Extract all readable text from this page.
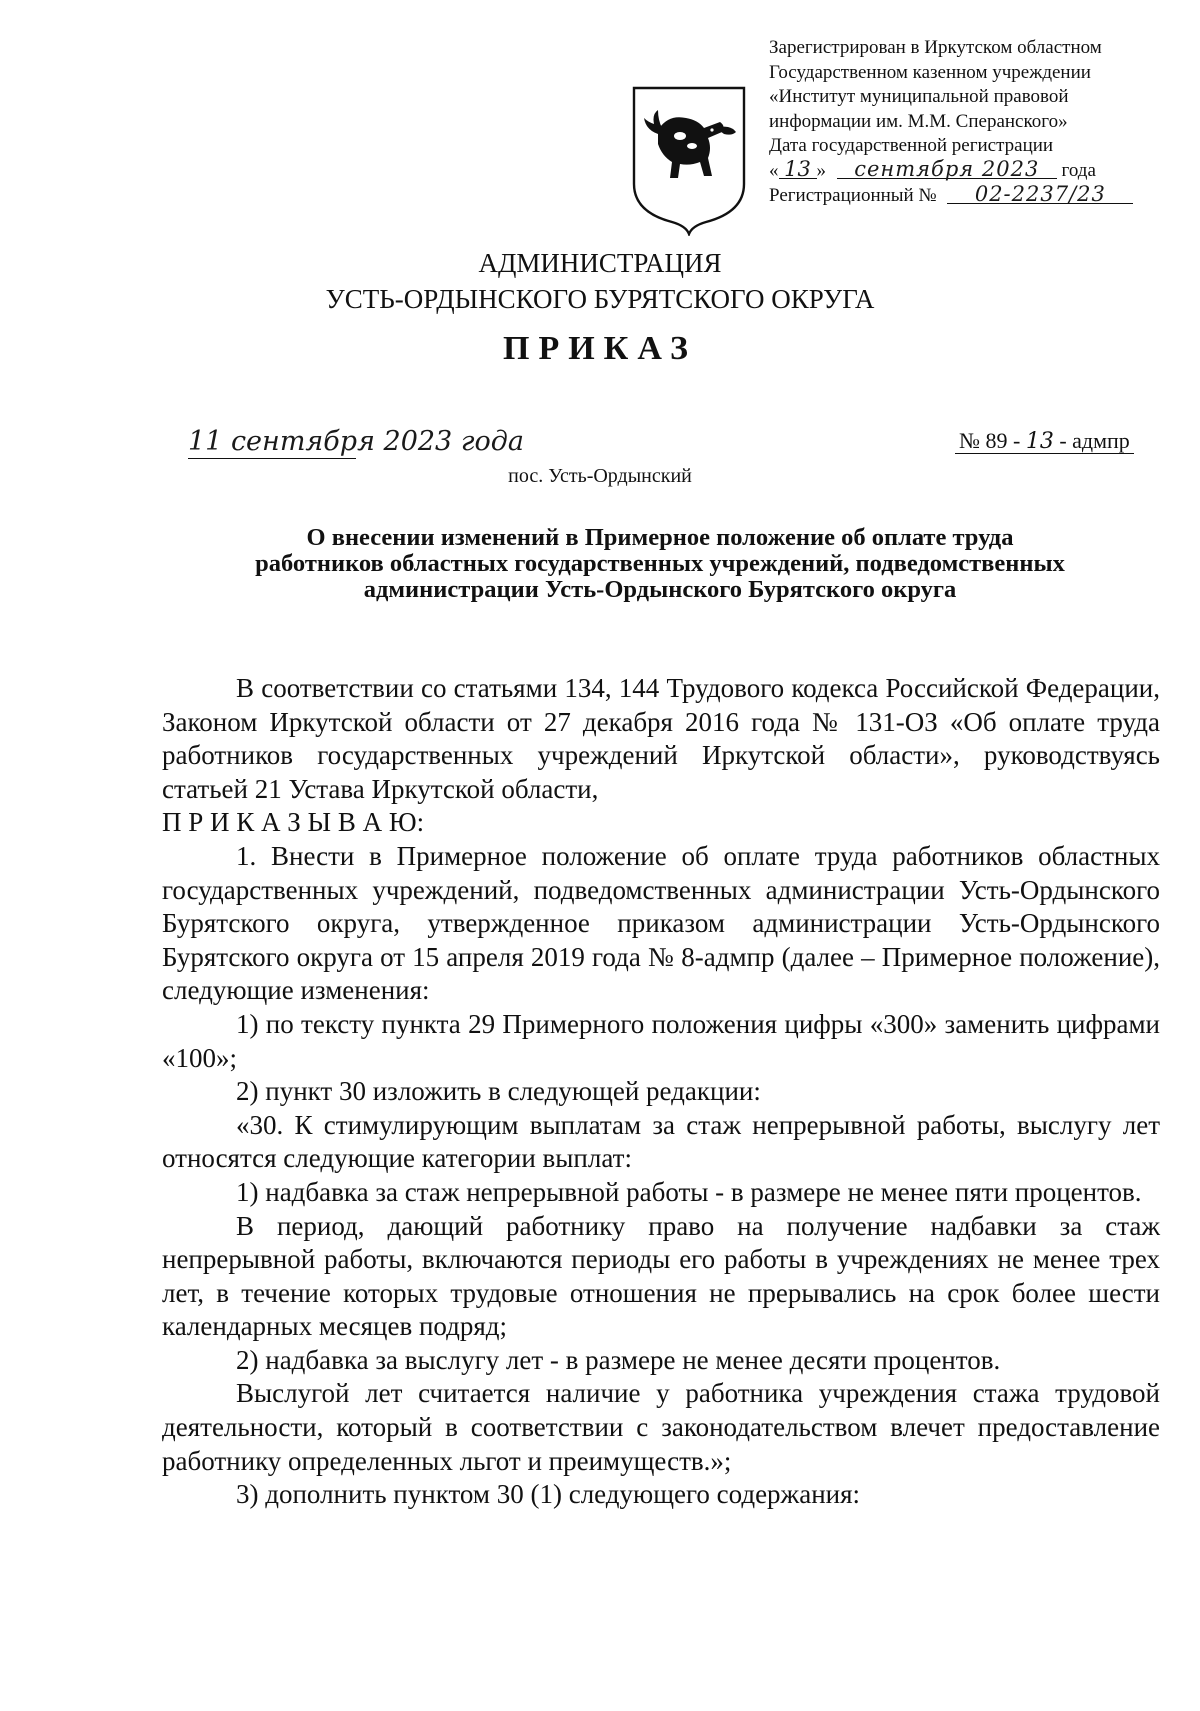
Зарегистрирован в Иркутском областном
Государственном казенном учреждении
«Институт муниципальной правовой
информации им. М.М. Сперанского»
Дата государственной регистрации
« 13 » сентября 2023 года
Регистрационный № 02-2237/23
АДМИНИСТРАЦИЯ
УСТЬ-ОРДЫНСКОГО БУРЯТСКОГО ОКРУГА
ПРИКАЗ
11 сентября 2023 года	№ 89 - 13 - адмпр
пос. Усть-Ордынский
О внесении изменений в Примерное положение об оплате труда
работников областных государственных учреждений, подведомственных
администрации Усть-Ордынского Бурятского округа

В соответствии со статьями 134, 144 Трудового кодекса Российской Федерации, Законом Иркутской области от 27 декабря 2016 года № 131-ОЗ «Об оплате труда работников государственных учреждений Иркутской области», руководствуясь статьей 21 Устава Иркутской области,

П Р И К А З Ы В А Ю:

1. Внести в Примерное положение об оплате труда работников областных государственных учреждений, подведомственных администрации Усть-Ордынского Бурятского округа, утвержденное приказом администрации Усть-Ордынского Бурятского округа от 15 апреля 2019 года № 8-адмпр (далее – Примерное положение), следующие изменения:

1) по тексту пункта 29 Примерного положения цифры «300» заменить цифрами «100»;

2) пункт 30 изложить в следующей редакции:

«30. К стимулирующим выплатам за стаж непрерывной работы, выслугу лет относятся следующие категории выплат:

1) надбавка за стаж непрерывной работы - в размере не менее пяти процентов.

В период, дающий работнику право на получение надбавки за стаж непрерывной работы, включаются периоды его работы в учреждениях не менее трех лет, в течение которых трудовые отношения не прерывались на срок более шести календарных месяцев подряд;

2) надбавка за выслугу лет - в размере не менее десяти процентов.

Выслугой лет считается наличие у работника учреждения стажа трудовой деятельности, который в соответствии с законодательством влечет предоставление работнику определенных льгот и преимуществ.»;

3) дополнить пунктом 30 (1) следующего содержания:
